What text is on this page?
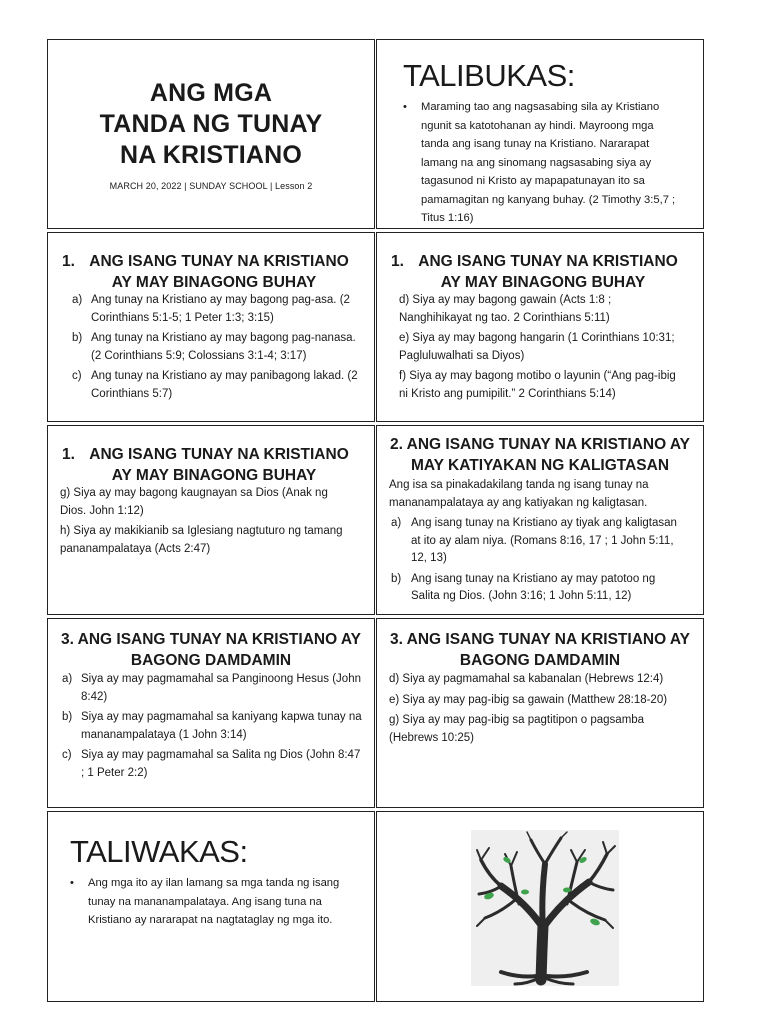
ANG MGA
TANDA NG TUNAY
NA KRISTIANO
MARCH 20, 2022 | SUNDAY SCHOOL | Lesson 2
TALIBUKAS:
• Maraming tao ang nagsasabing sila ay Kristiano ngunit sa katotohanan ay hindi. Mayroong mga tanda ang isang tunay na Kristiano. Nararapat lamang na ang sinomang nagsasabing siya ay tagasunod ni Kristo ay mapapatunayan ito sa pamamagitan ng kanyang buhay. (2 Timothy 3:5,7 ; Titus 1:16)
1. ANG ISANG TUNAY NA KRISTIANO
AY MAY BINAGONG BUHAY
a) Ang tunay na Kristiano ay may bagong pag-asa. (2 Corinthians 5:1-5; 1 Peter 1:3; 3:15)
b) Ang tunay na Kristiano ay may bagong pag-nanasa. (2 Corinthians 5:9; Colossians 3:1-4; 3:17)
c) Ang tunay na Kristiano ay may panibagong lakad. (2 Corinthians 5:7)
1. ANG ISANG TUNAY NA KRISTIANO
AY MAY BINAGONG BUHAY
d) Siya ay may bagong gawain (Acts 1:8 ; Nanghihikayat ng tao. 2 Corinthians 5:11)
e) Siya ay may bagong hangarin (1 Corinthians 10:31; Pagluluwalhati sa Diyos)
f) Siya ay may bagong motibo o layunin (“Ang pag-ibig ni Kristo ang pumipilit.” 2 Corinthians 5:14)
1. ANG ISANG TUNAY NA KRISTIANO
AY MAY BINAGONG BUHAY
g) Siya ay may bagong kaugnayan sa Dios (Anak ng Dios. John 1:12)
h) Siya ay makikianib sa Iglesiang nagtuturo ng tamang pananampalataya (Acts 2:47)
2. ANG ISANG TUNAY NA KRISTIANO AY
MAY KATIYAKAN NG KALIGTASAN
Ang isa sa pinakadakilang tanda ng isang tunay na mananampalataya ay ang katiyakan ng kaligtasan.
a) Ang isang tunay na Kristiano ay tiyak ang kaligtasan at ito ay alam niya. (Romans 8:16, 17 ; 1 John 5:11, 12, 13)
b) Ang isang tunay na Kristiano ay may patotoo ng Salita ng Dios. (John 3:16; 1 John 5:11, 12)
3. ANG ISANG TUNAY NA KRISTIANO AY
BAGONG DAMDAMIN
a) Siya ay may pagmamahal sa Panginoong Hesus (John 8:42)
b) Siya ay may pagmamahal sa kaniyang kapwa tunay na mananampalataya (1 John 3:14)
c) Siya ay may pagmamahal sa Salita ng Dios (John 8:47 ; 1 Peter 2:2)
3. ANG ISANG TUNAY NA KRISTIANO AY
BAGONG DAMDAMIN
d) Siya ay pagmamahal sa kabanalan (Hebrews 12:4)
e) Siya ay may pag-ibig sa gawain (Matthew 28:18-20)
g) Siya ay may pag-ibig sa pagtitipon o pagsamba (Hebrews 10:25)
TALIWAKAS:
• Ang mga ito ay ilan lamang sa mga tanda ng isang tunay na mananampalataya. Ang isang tuna na Kristiano ay nararapat na nagtataglay ng mga ito.
